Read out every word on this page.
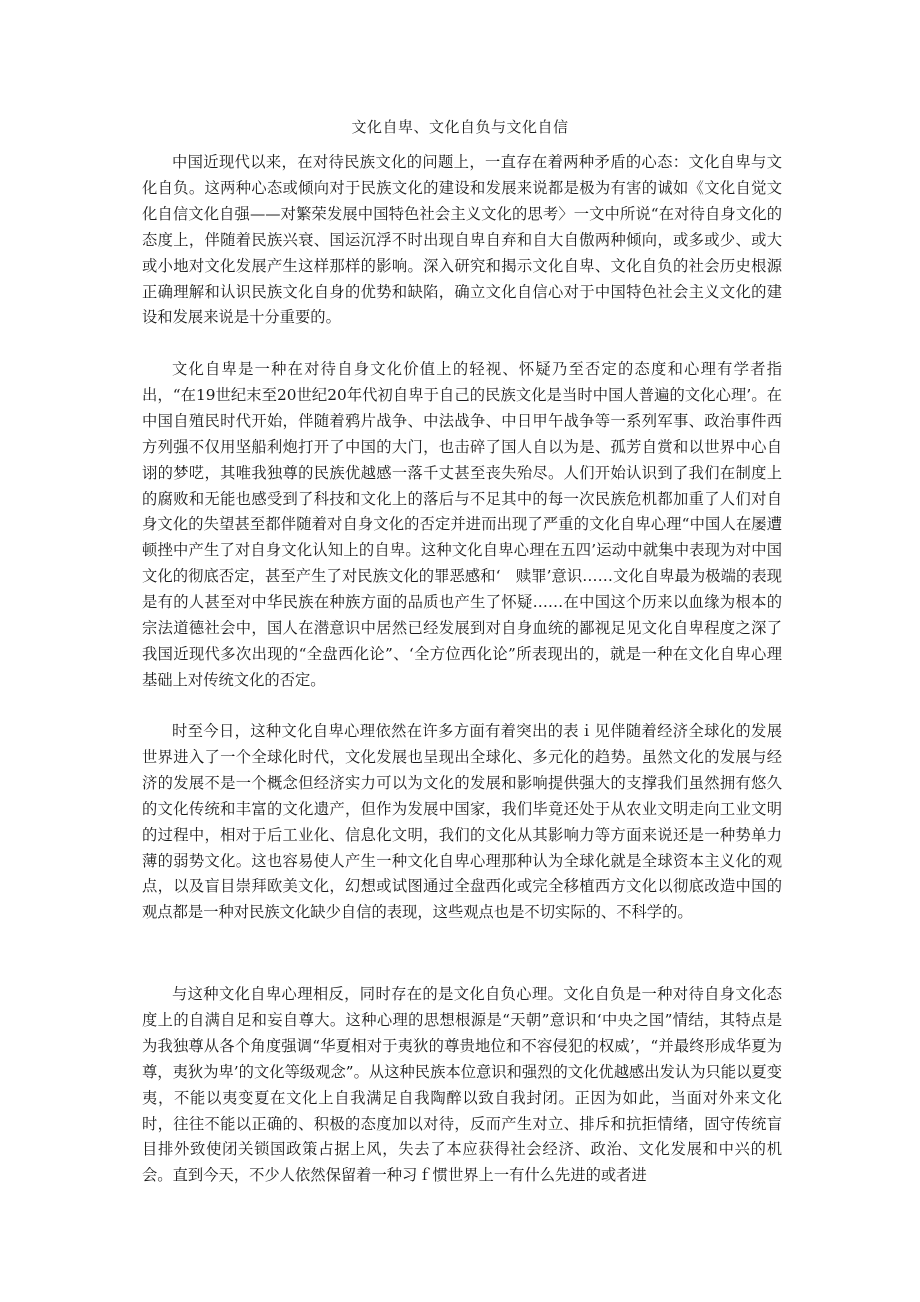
文化自卑、文化自负与文化自信

中国近现代以来，在对待民族文化的问题上，一直存在着两种矛盾的心态：文化自卑与文化自负。这两种心态或倾向对于民族文化的建设和发展来说都是极为有害的诚如《文化自觉文化自信文化自强——对繁荣发展中国特色社会主义文化的思考〉一文中所说“在对待自身文化的态度上，伴随着民族兴衰、国运沉浮不时出现自卑自弃和自大自傲两种倾向，或多或少、或大或小地对文化发展产生这样那样的影响。深入研究和揭示文化自卑、文化自负的社会历史根源正确理解和认识民族文化自身的优势和缺陷，确立文化自信心对于中国特色社会主义文化的建设和发展来说是十分重要的。

文化自卑是一种在对待自身文化价值上的轻视、怀疑乃至否定的态度和心理有学者指出，“在19世纪末至20世纪20年代初自卑于自己的民族文化是当时中国人普遍的文化心理’。在中国自殖民时代开始，伴随着鸦片战争、中法战争、中日甲午战争等一系列军事、政治事件西方列强不仅用坚船利炮打开了中国的大门，也击碎了国人自以为是、孤芳自赏和以世界中心自诩的梦呓，其唯我独尊的民族优越感一落千丈甚至丧失殆尽。人们开始认识到了我们在制度上的腐败和无能也感受到了科技和文化上的落后与不足其中的每一次民族危机都加重了人们对自身文化的失望甚至都伴随着对自身文化的否定并进而出现了严重的文化自卑心理“中国人在屡遭顿挫中产生了对自身文化认知上的自卑。这种文化自卑心理在五四’运动中就集中表现为对中国文化的彻底否定，甚至产生了对民族文化的罪恶感和‘　赎罪’意识……文化自卑最为极端的表现是有的人甚至对中华民族在种族方面的品质也产生了怀疑……在中国这个历来以血缘为根本的宗法道德社会中，国人在潜意识中居然已经发展到对自身血统的鄙视足见文化自卑程度之深了我国近现代多次出现的“全盘西化论”、‘全方位西化论”所表现出的，就是一种在文化自卑心理基础上对传统文化的否定。

时至今日，这种文化自卑心理依然在许多方面有着突出的表ｉ见伴随着经济全球化的发展世界进入了一个全球化时代，文化发展也呈现出全球化、多元化的趋势。虽然文化的发展与经济的发展不是一个概念但经济实力可以为文化的发展和影响提供强大的支撑我们虽然拥有悠久的文化传统和丰富的文化遗产，但作为发展中国家，我们毕竟还处于从农业文明走向工业文明的过程中，相对于后工业化、信息化文明，我们的文化从其影响力等方面来说还是一种势单力薄的弱势文化。这也容易使人产生一种文化自卑心理那种认为全球化就是全球资本主义化的观点，以及盲目崇拜欧美文化，幻想或试图通过全盘西化或完全移植西方文化以彻底改造中国的观点都是一种对民族文化缺少自信的表现，这些观点也是不切实际的、不科学的。

与这种文化自卑心理相反，同时存在的是文化自负心理。文化自负是一种对待自身文化态度上的自满自足和妄自尊大。这种心理的思想根源是“天朝”意识和‘中央之国”情结，其特点是为我独尊从各个角度强调“华夏相对于夷狄的尊贵地位和不容侵犯的权威’，“并最终形成华夏为尊，夷狄为卑’的文化等级观念”。从这种民族本位意识和强烈的文化优越感出发认为只能以夏变夷，不能以夷变夏在文化上自我满足自我陶醉以致自我封闭。正因为如此，当面对外来文化时，往往不能以正确的、积极的态度加以对待，反而产生对立、排斥和抗拒情绪，固守传统盲目排外致使闭关锁国政策占据上风，失去了本应获得社会经济、政治、文化发展和中兴的机会。直到今天，不少人依然保留着一种习ｆ惯世界上一有什么先进的或者进
